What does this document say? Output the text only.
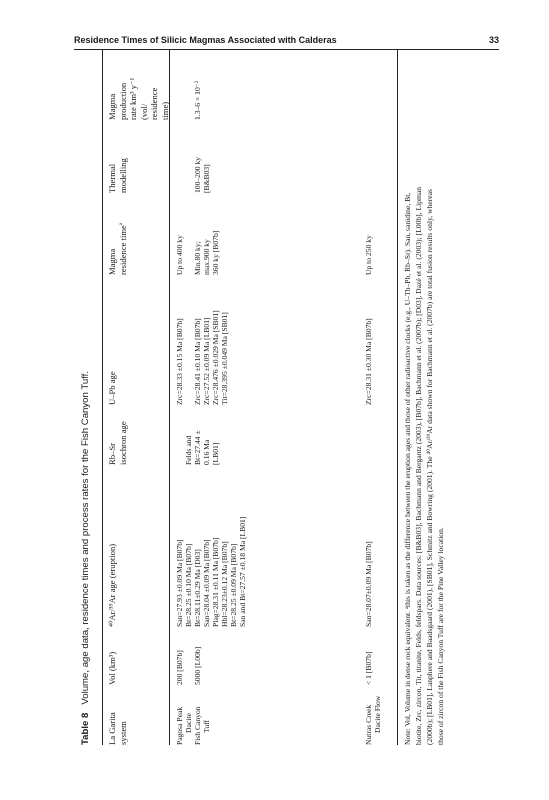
Residence Times of Silicic Magmas Associated with Calderas	33
Table 8Volume, age data, residence times and process rates for the Fish Canyon Tuff.
La Garita system
Vol (km³)
⁴⁰Ar/³⁹Ar age (eruption)
Rb–Sr isochron age
U–Pb age
Magma residence time$^a$
Thermal modelling
Magma production rate km³ y⁻¹ (vol/ residence time)
Pagosa Peak Dacite
200 [B07b]
San=27.93 ±0.09 Ma [B07b] Bt=28.25 ±0.10 Ma [B07b]
Zrc=28.33 ±0.15 Ma [B07b]
Up to 400 ky
Fish Canyon Tuff
5000 [L00b]
Bt=28.11±0.29 Ma [D03] San=28.04 ±0.09 Ma [B07b] Plag=28.31 ±0.11 Ma [B07b] Hbl=28.23±0.12 Ma [B07b] Bt=28.25 ±0.09 Ma [B07b] San and Bt=27.57 ±0.18 Ma [LB01]
Felds and Bt=27.44 ± 0.16 Ma [LB01]
Zrc=28.41 ±0.10 Ma [B07b] Zrc=27.52 ±0.09 Ma [LB01] Zrc=28.476 ±0.029 Ma [SB01] Tit=28.395 ±0.049 Ma [SB01]
Min.80 ky; max.900 ky 360 ky [B07b]
100–200 ky [B&B03]
1.3–6 × 10⁻²
Nutras Creek Dacite Flow
< 1 [B07b]
San=28.07±0.09 Ma [B07b]
Zrc=28.31 ±0.30 Ma [B07b]
Up to 250 ky	Note: Vol, Volume in dense rock equivalent. ᵃthis is taken as the difference between the eruption ages and those of other radioactive clocks (e.g., U–Th–Pb, Rb–Sr). San, sanidine, Bt, biotite, Zrc, zircon, Tit, titanite, Felds, feldspars. Data sources: [B&B03], Bachmann and Bergantz (2003), [B07b], Bachmann et al. (2007b); [D03], Dazé et al. (2003); [L00b], Lipman (2000b); [LB01], Lanphere and Baadsgaard (2001), [SB01], Schmitz and Bowring (2001). The ⁴⁰Ar/³⁹Ar data shown for Bachmann et al. (2007b) are total fusion results only, whereas those of zircon of the Fish Canyon Tuff are for the Pine Valley location.
